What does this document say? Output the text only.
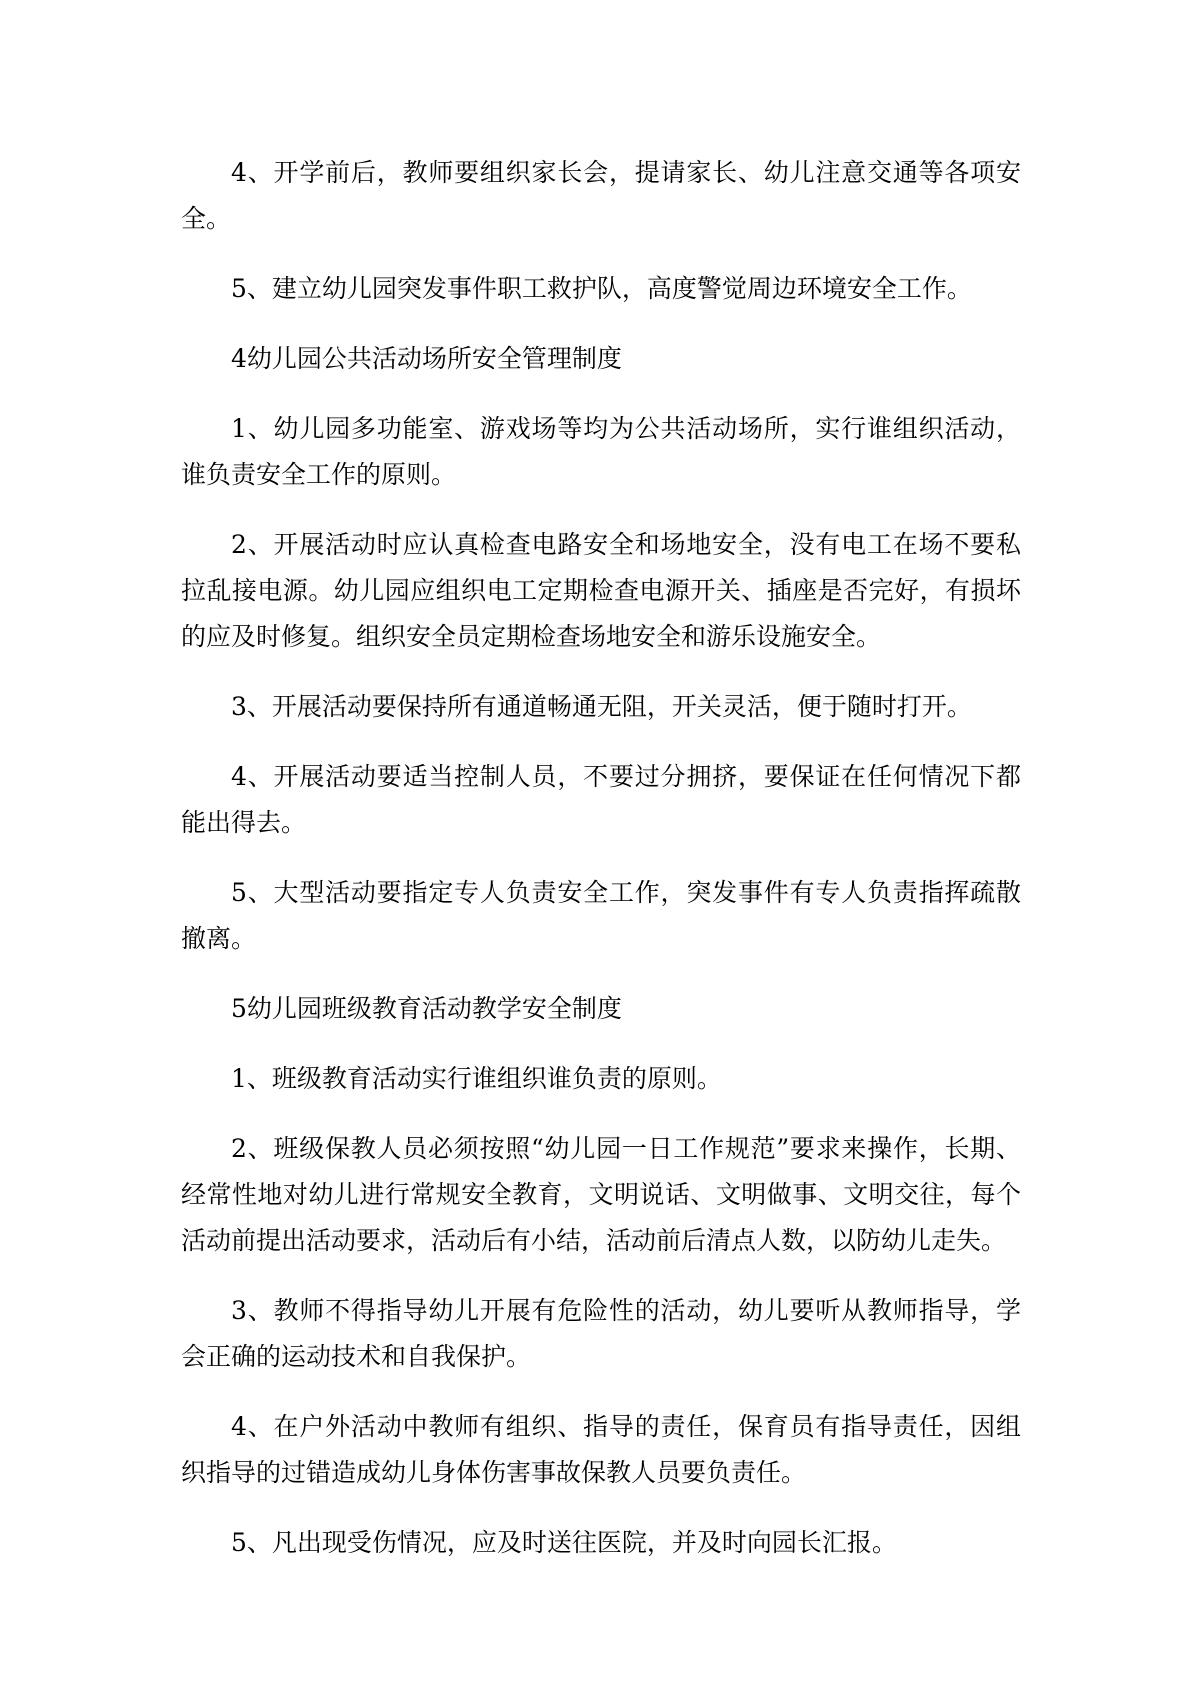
4、开学前后，教师要组织家长会，提请家长、幼儿注意交通等各项安全。

5、建立幼儿园突发事件职工救护队，高度警觉周边环境安全工作。

4幼儿园公共活动场所安全管理制度

1、幼儿园多功能室、游戏场等均为公共活动场所，实行谁组织活动，谁负责安全工作的原则。

2、开展活动时应认真检查电路安全和场地安全，没有电工在场不要私拉乱接电源。幼儿园应组织电工定期检查电源开关、插座是否完好，有损坏的应及时修复。组织安全员定期检查场地安全和游乐设施安全。

3、开展活动要保持所有通道畅通无阻，开关灵活，便于随时打开。

4、开展活动要适当控制人员，不要过分拥挤，要保证在任何情况下都能出得去。

5、大型活动要指定专人负责安全工作，突发事件有专人负责指挥疏散撤离。

5幼儿园班级教育活动教学安全制度

1、班级教育活动实行谁组织谁负责的原则。

2、班级保教人员必须按照“幼儿园一日工作规范”要求来操作，长期、经常性地对幼儿进行常规安全教育，文明说话、文明做事、文明交往，每个活动前提出活动要求，活动后有小结，活动前后清点人数，以防幼儿走失。

3、教师不得指导幼儿开展有危险性的活动，幼儿要听从教师指导，学会正确的运动技术和自我保护。

4、在户外活动中教师有组织、指导的责任，保育员有指导责任，因组织指导的过错造成幼儿身体伤害事故保教人员要负责任。

5、凡出现受伤情况，应及时送往医院，并及时向园长汇报。
